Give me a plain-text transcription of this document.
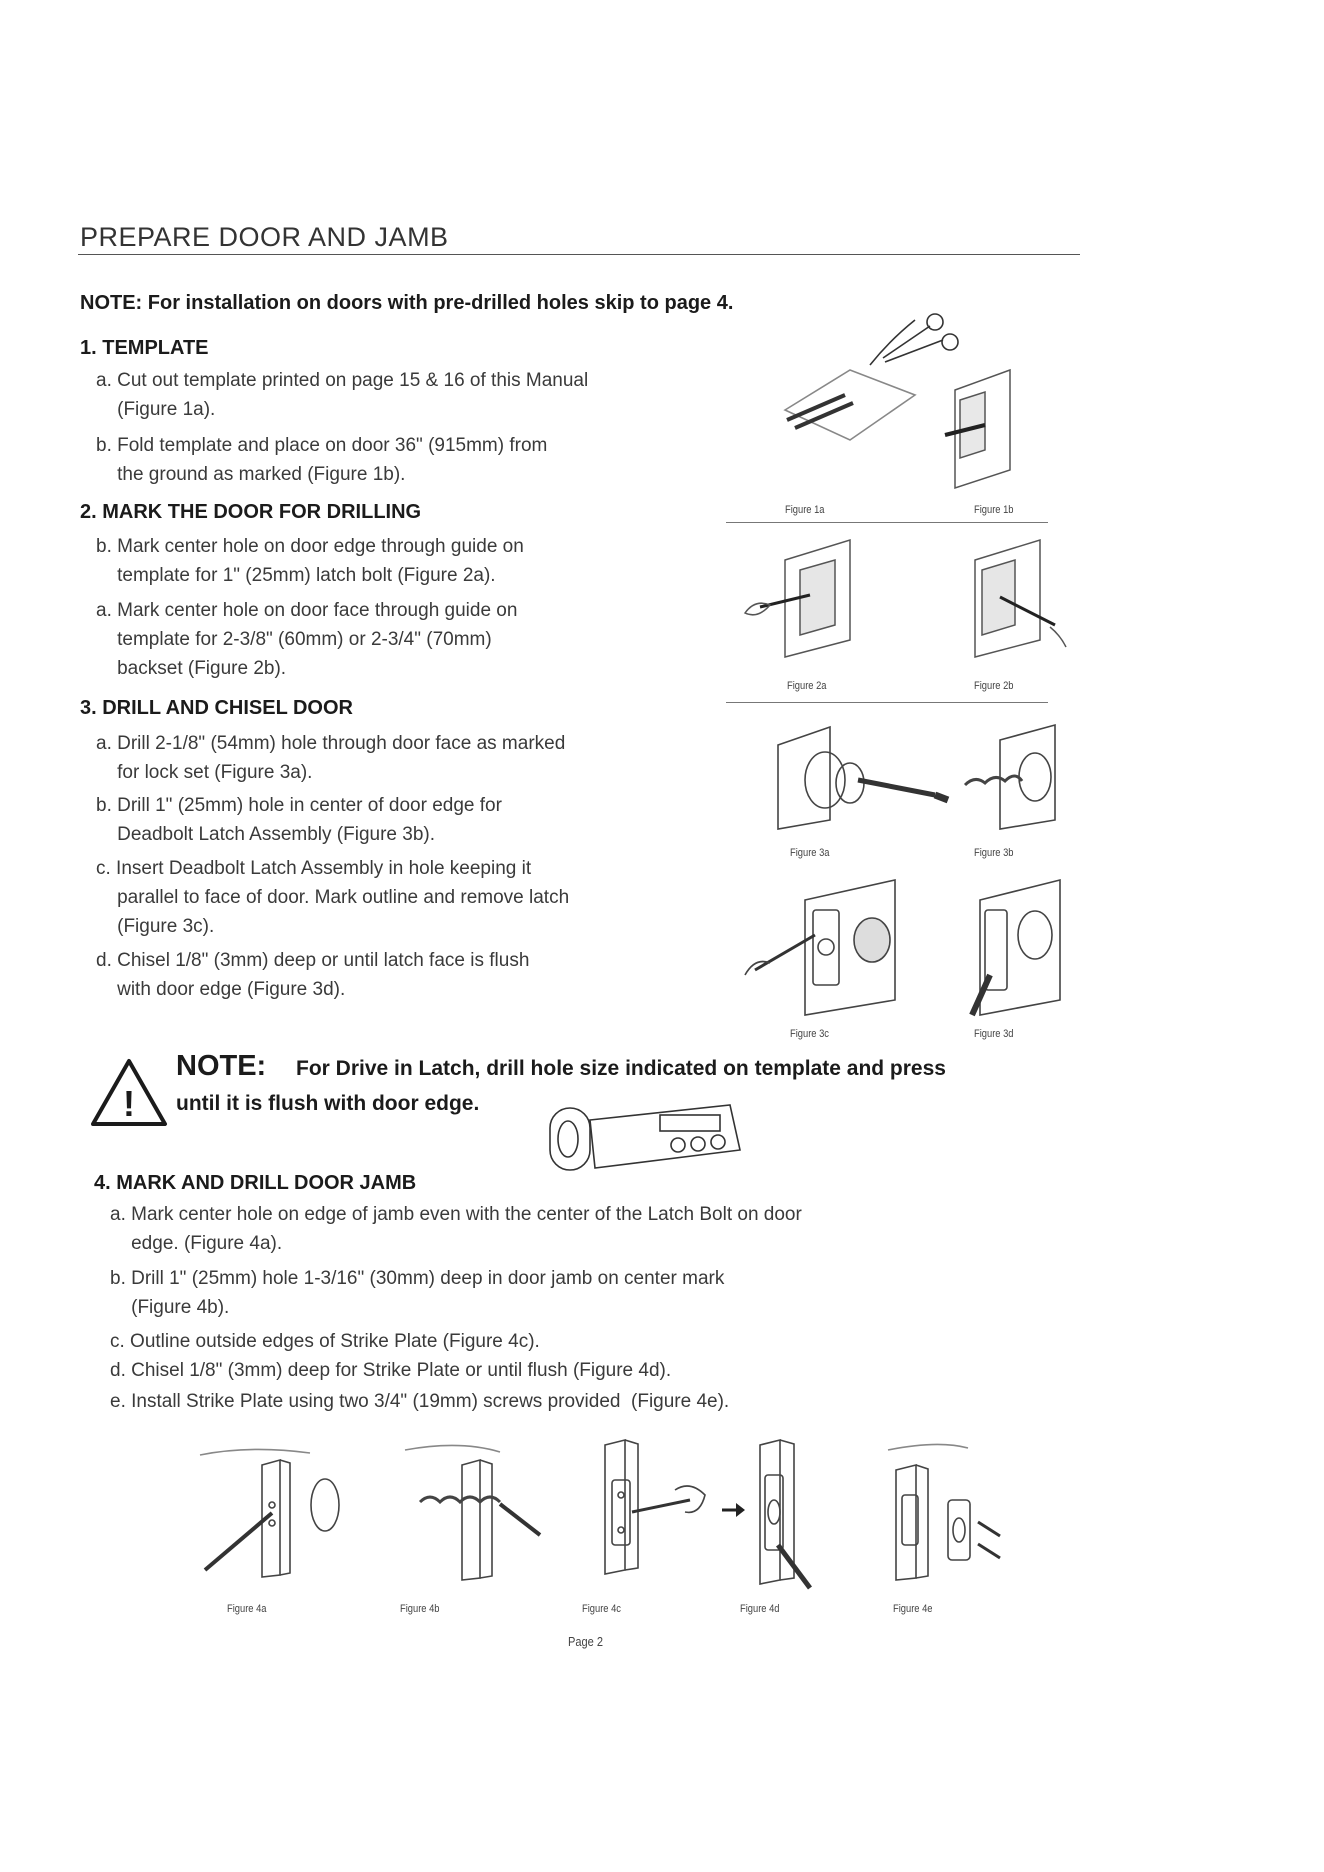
PREPARE DOOR AND JAMB
NOTE: For installation on doors with pre-drilled holes skip to page 4.
1. TEMPLATE
a. Cut out template printed on page 15 & 16 of this Manual
(Figure 1a).
b. Fold template and place on door 36" (915mm) from
the ground as marked (Figure 1b).
2. MARK THE DOOR FOR DRILLING
b. Mark center hole on door edge through guide on
template for 1" (25mm) latch bolt (Figure 2a).
a. Mark center hole on door face through guide on
template for 2-3/8" (60mm) or 2-3/4" (70mm)
backset (Figure 2b).
3. DRILL AND CHISEL DOOR
a. Drill 2-1/8" (54mm) hole through door face as marked
for lock set (Figure 3a).
b. Drill 1" (25mm) hole in center of door edge for
Deadbolt Latch Assembly (Figure 3b).
c. Insert Deadbolt Latch Assembly in hole keeping it
parallel to face of door. Mark outline and remove latch
(Figure 3c).
d. Chisel 1/8" (3mm) deep or until latch face is flush
with door edge (Figure 3d).
Figure 1a	Figure 1b
Figure 2a	Figure 2b
Figure 3a	Figure 3b
Figure 3c	Figure 3d
!
NOTE: For Drive in Latch, drill hole size indicated on template and press
until it is flush with door edge.
4. MARK AND DRILL DOOR JAMB
a. Mark center hole on edge of jamb even with the center of the Latch Bolt on door
edge. (Figure 4a).
b. Drill 1" (25mm) hole 1-3/16" (30mm) deep in door jamb on center mark
(Figure 4b).
c. Outline outside edges of Strike Plate (Figure 4c).
d. Chisel 1/8" (3mm) deep for Strike Plate or until flush (Figure 4d).
e. Install Strike Plate using two 3/4" (19mm) screws provided  (Figure 4e).
Figure 4a	Figure 4b	Figure 4c	Figure 4d	Figure 4e
Page 2
